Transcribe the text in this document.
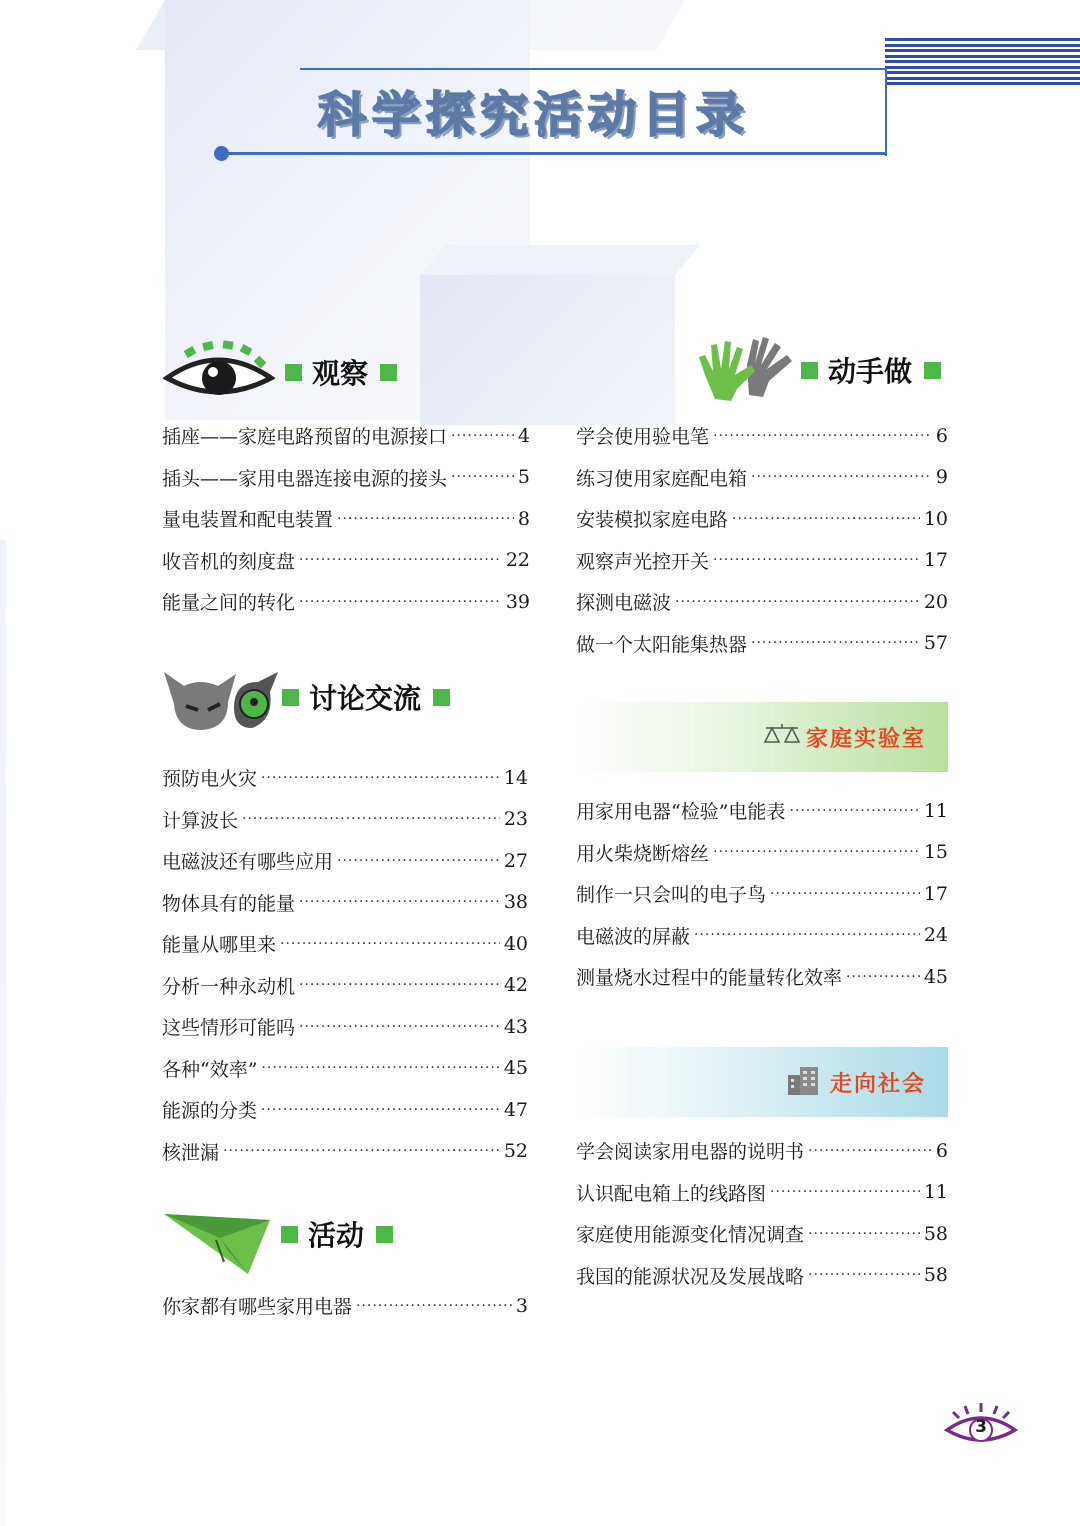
科学探究活动目录
观察
插座——家庭电路预留的电源接口 ·····	4
插头——家用电器连接电源的接头 ·····	5
量电装置和配电装置 ·····	8
收音机的刻度盘 ·····	22
能量之间的转化 ·····	39
动手做
学会使用验电笔 ·····	6
练习使用家庭配电箱 ·····	9
安装模拟家庭电路 ·····	10
观察声光控开关 ·····	17
探测电磁波 ·····	20
做一个太阳能集热器 ·····	57
讨论交流
预防电火灾 ·····	14
计算波长 ·····	23
电磁波还有哪些应用 ·····	27
物体具有的能量 ·····	38
能量从哪里来 ·····	40
分析一种永动机 ·····	42
这些情形可能吗 ·····	43
各种“效率” ·····	45
能源的分类 ·····	47
核泄漏 ·····	52
活动
你家都有哪些家用电器 ·····	3
家庭实验室
用家用电器“检验”电能表 ·····	11
用火柴烧断熔丝 ·····	15
制作一只会叫的电子鸟 ·····	17
电磁波的屏蔽 ·····	24
测量烧水过程中的能量转化效率 ·····	45
走向社会
学会阅读家用电器的说明书 ·····	6
认识配电箱上的线路图 ·····	11
家庭使用能源变化情况调查 ·····	58
我国的能源状况及发展战略 ·····	58
3
